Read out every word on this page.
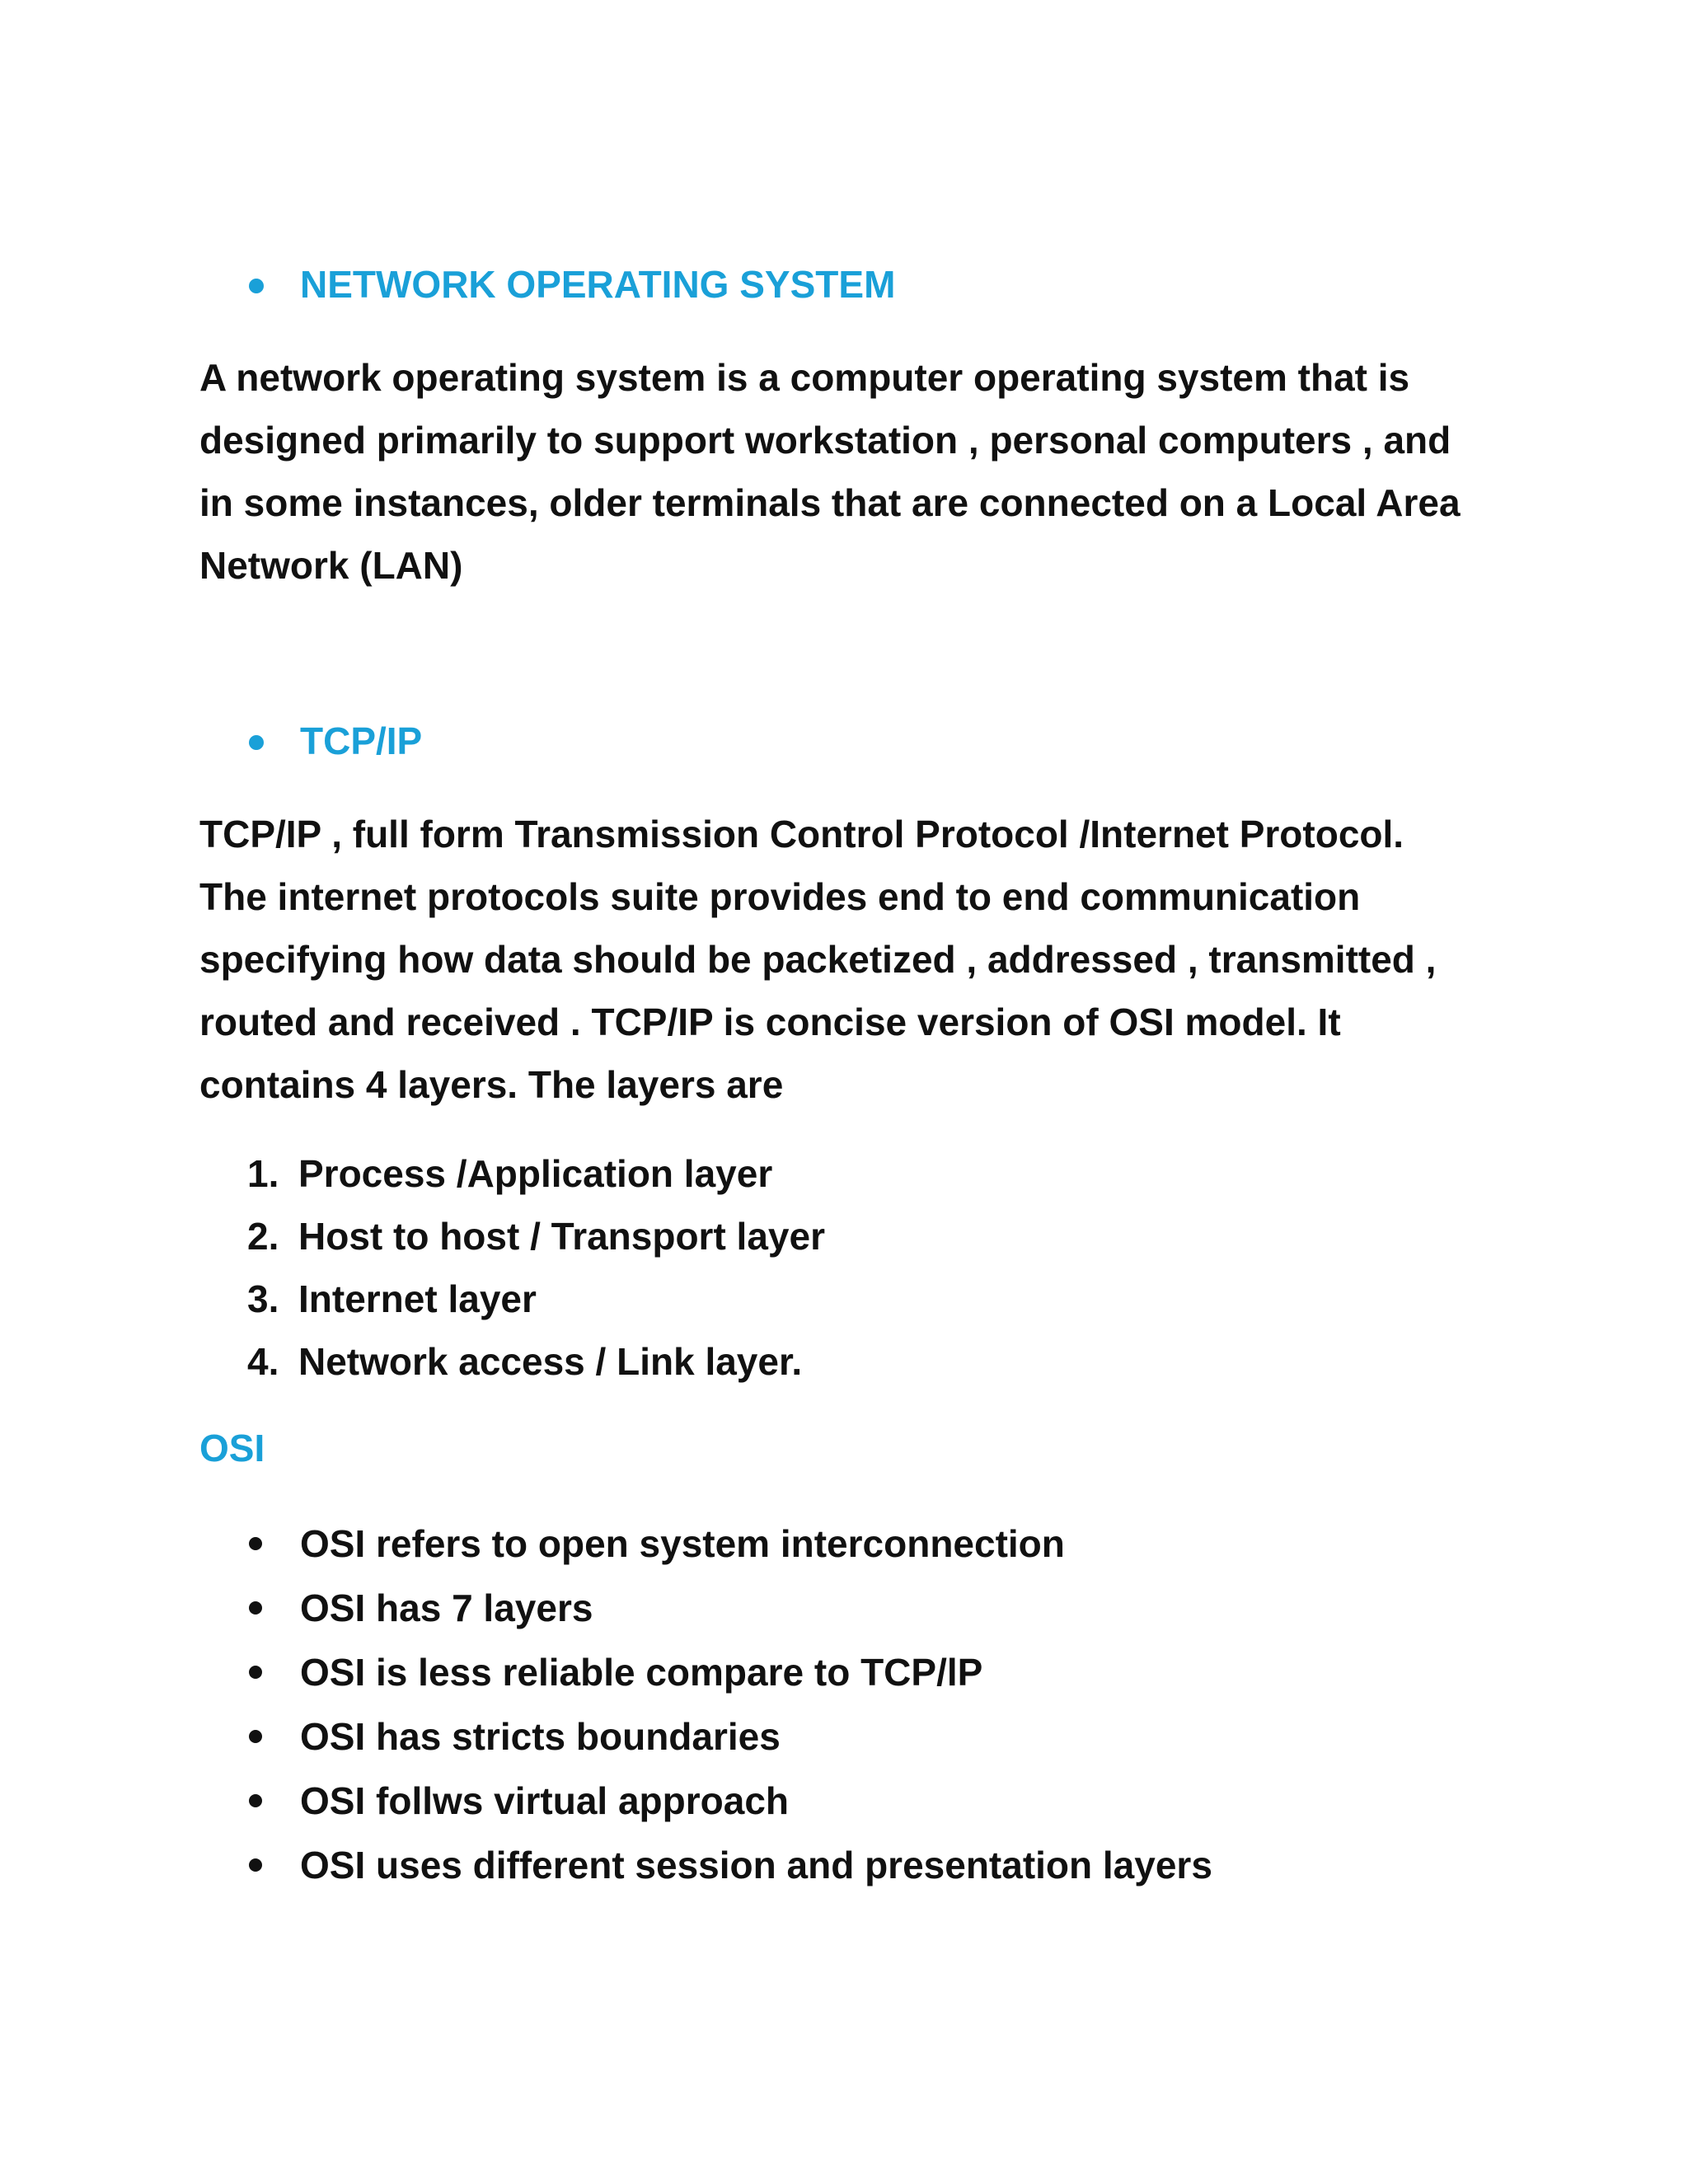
NETWORK OPERATING SYSTEM
A network operating system is a computer operating system that is
designed primarily to support workstation , personal computers , and
in some instances, older terminals that are connected on a Local Area
Network (LAN)
TCP/IP
TCP/IP , full form Transmission Control Protocol /Internet Protocol.
The internet protocols suite provides end to end communication
specifying how data should be packetized , addressed , transmitted ,
routed and received . TCP/IP is concise version of OSI model. It
contains 4 layers. The layers are
1. Process /Application layer
2. Host to host / Transport layer
3. Internet layer
4. Network access / Link layer.
OSI
OSI refers to open system interconnection
OSI has 7 layers
OSI is less reliable compare to TCP/lP
OSI has stricts boundaries
OSI follws virtual approach
OSI uses different session and presentation layers
